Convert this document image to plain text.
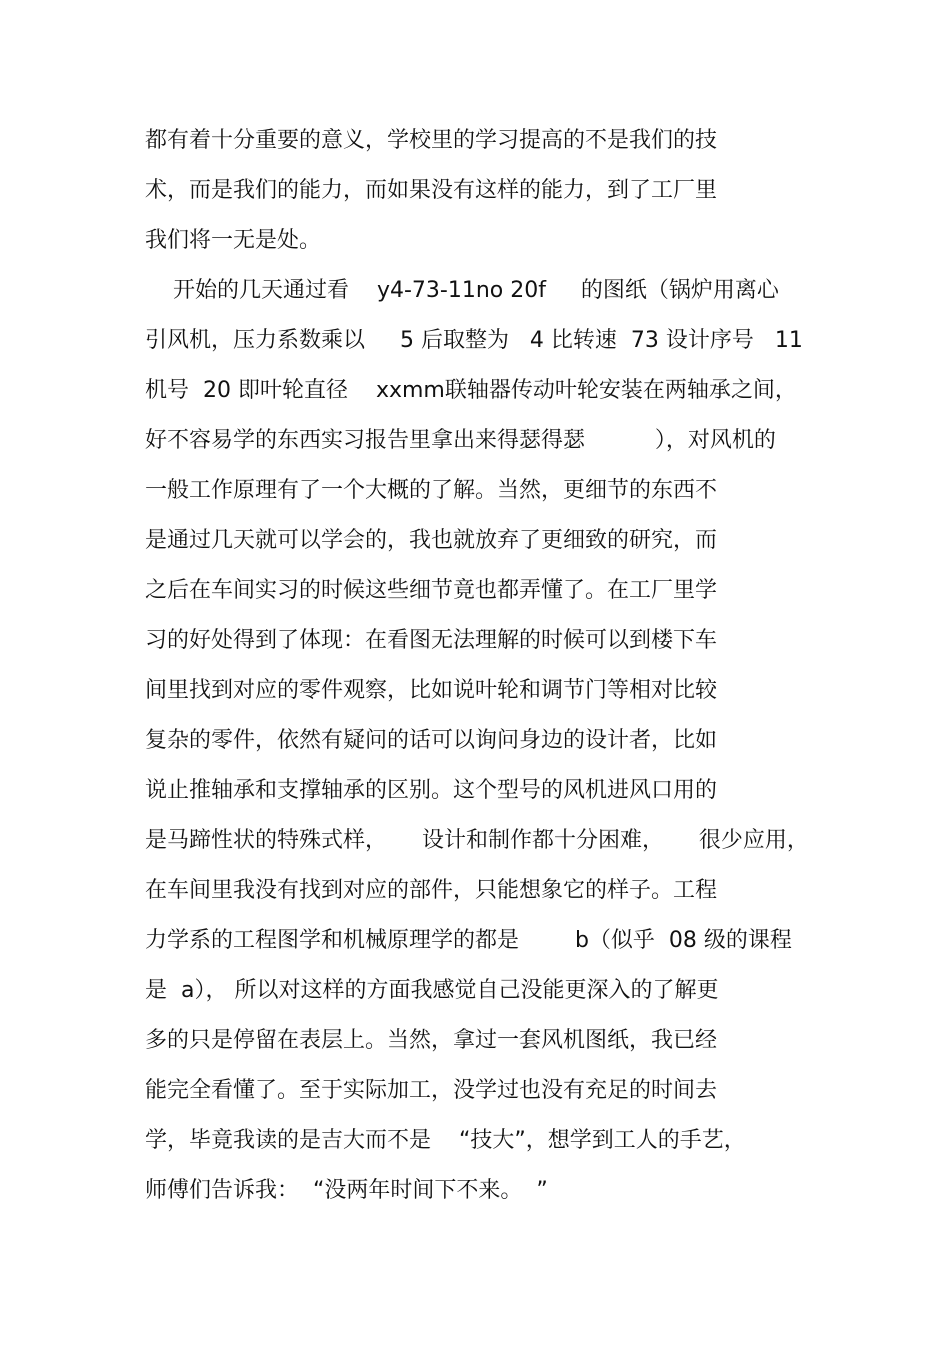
都有着十分重要的意义，学校里的学习提高的不是我们的技
术，而是我们的能力，而如果没有这样的能力，到了工厂里
我们将一无是处。
开始的几天通过看    y4-73-11no 20f     的图纸（锅炉用离心
引风机，压力系数乘以     5 后取整为   4 比转速  73 设计序号   11
机号  20 即叶轮直径    xxmm联轴器传动叶轮安装在两轴承之间，
好不容易学的东西实习报告里拿出来得瑟得瑟          ），对风机的
一般工作原理有了一个大概的了解。当然，更细节的东西不
是通过几天就可以学会的，我也就放弃了更细致的研究，而
之后在车间实习的时候这些细节竟也都弄懂了。在工厂里学
习的好处得到了体现：在看图无法理解的时候可以到楼下车
间里找到对应的零件观察，比如说叶轮和调节门等相对比较
复杂的零件，依然有疑问的话可以询问身边的设计者，比如
说止推轴承和支撑轴承的区别。这个型号的风机进风口用的
是马蹄性状的特殊式样，     设计和制作都十分困难，     很少应用，
在车间里我没有找到对应的部件，只能想象它的样子。工程
力学系的工程图学和机械原理学的都是        b（似乎  08 级的课程
是  a）， 所以对这样的方面我感觉自己没能更深入的了解更
多的只是停留在表层上。当然，拿过一套风机图纸，我已经
能完全看懂了。至于实际加工，没学过也没有充足的时间去
学，毕竟我读的是吉大而不是    “技大”，想学到工人的手艺，
师傅们告诉我：  “没两年时间下不来。  ”
